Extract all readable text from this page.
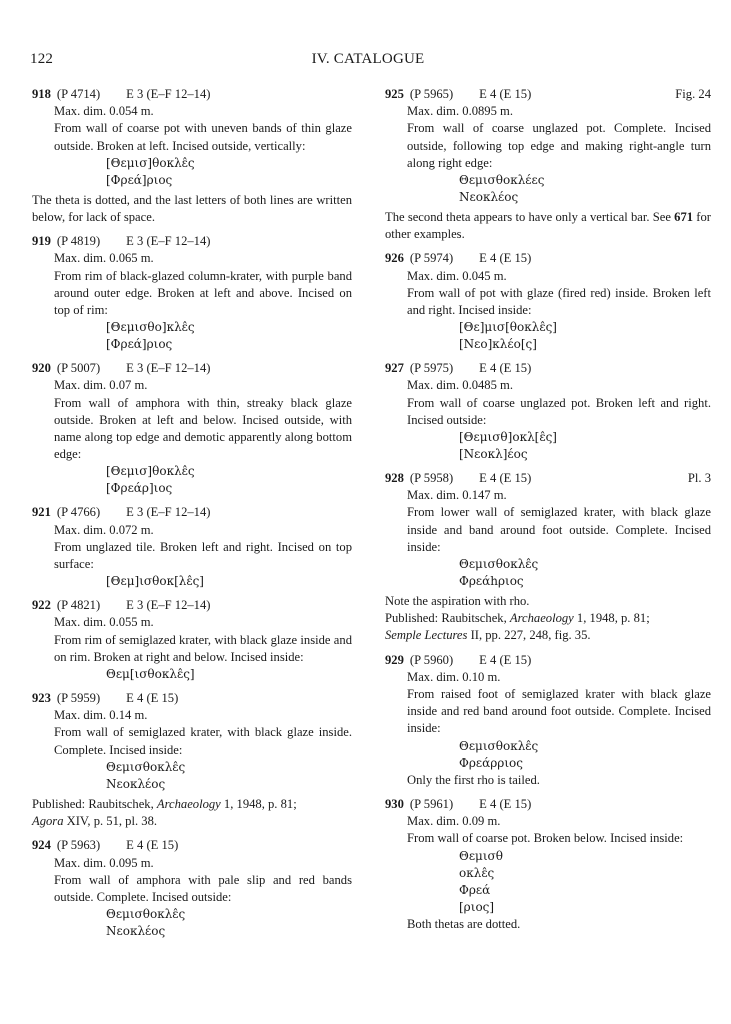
122	IV. CATALOGUE
918 (P 4714) E 3 (E–F 12–14)

Max. dim. 0.054 m.

From wall of coarse pot with uneven bands of thin glaze outside. Broken at left. Incised outside, vertically:

[Θεμισ]θοκλε̂ς

[Φρεά]ριος

The theta is dotted, and the last letters of both lines are written below, for lack of space.

919 (P 4819) E 3 (E–F 12–14)

Max. dim. 0.065 m.

From rim of black-glazed column-krater, with purple band around outer edge. Broken at left and above. Incised on top of rim:

[Θεμισθο]κλε̂ς

[Φρεά]ριος

920 (P 5007) E 3 (E–F 12–14)

Max. dim. 0.07 m.

From wall of amphora with thin, streaky black glaze outside. Broken at left and below. Incised outside, with name along top edge and demotic apparently along bottom edge:

[Θεμισ]θοκλε̂ς

[Φρεάρ]ιος

921 (P 4766) E 3 (E–F 12–14)

Max. dim. 0.072 m.

From unglazed tile. Broken left and right. Incised on top surface:

[Θεμ]ισθοκ[λε̂ς]

922 (P 4821) E 3 (E–F 12–14)

Max. dim. 0.055 m.

From rim of semiglazed krater, with black glaze inside and on rim. Broken at right and below. Incised inside:

Θεμ[ισθοκλε̂ς]

923 (P 5959) E 4 (E 15)

Max. dim. 0.14 m.

From wall of semiglazed krater, with black glaze inside. Complete. Incised inside:

Θεμισθοκλε̂ς

Νεοκλέος

Published: Raubitschek, Archaeology 1, 1948, p. 81;
Agora XIV, p. 51, pl. 38.

924 (P 5963) E 4 (E 15)

Max. dim. 0.095 m.

From wall of amphora with pale slip and red bands outside. Complete. Incised outside:

Θεμισθοκλε̂ς

Νεοκλέος

925 (P 5965) E 4 (E 15)	Fig. 24

Max. dim. 0.0895 m.

From wall of coarse unglazed pot. Complete. Incised outside, following top edge and making right-angle turn along right edge:

Θεμισθοκλέες

Νεοκλέος

The second theta appears to have only a vertical bar. See 671 for other examples.

926 (P 5974) E 4 (E 15)

Max. dim. 0.045 m.

From wall of pot with glaze (fired red) inside. Broken left and right. Incised inside:

[Θε]μισ[θοκλε̂ς]

[Νεο]κλέο[ς]

927 (P 5975) E 4 (E 15)

Max. dim. 0.0485 m.

From wall of coarse unglazed pot. Broken left and right. Incised outside:

[Θεμισθ]οκλ[ε̂ς]

[Νεοκλ]έος

928 (P 5958) E 4 (E 15)	Pl. 3

Max. dim. 0.147 m.

From lower wall of semiglazed krater, with black glaze inside and band around foot outside. Complete. Incised inside:

Θεμισθοκλε̂ς

Φρεάhριος

Note the aspiration with rho.

Published: Raubitschek, Archaeology 1, 1948, p. 81;
Semple Lectures II, pp. 227, 248, fig. 35.

929 (P 5960) E 4 (E 15)

Max. dim. 0.10 m.

From raised foot of semiglazed krater with black glaze inside and red band around foot outside. Complete. Incised inside:

Θεμισθοκλε̂ς

Φρεάρριος

Only the first rho is tailed.

930 (P 5961) E 4 (E 15)

Max. dim. 0.09 m.

From wall of coarse pot. Broken below. Incised inside:

Θεμισθ

οκλε̂ς

Φρεά

[ριος]

Both thetas are dotted.
